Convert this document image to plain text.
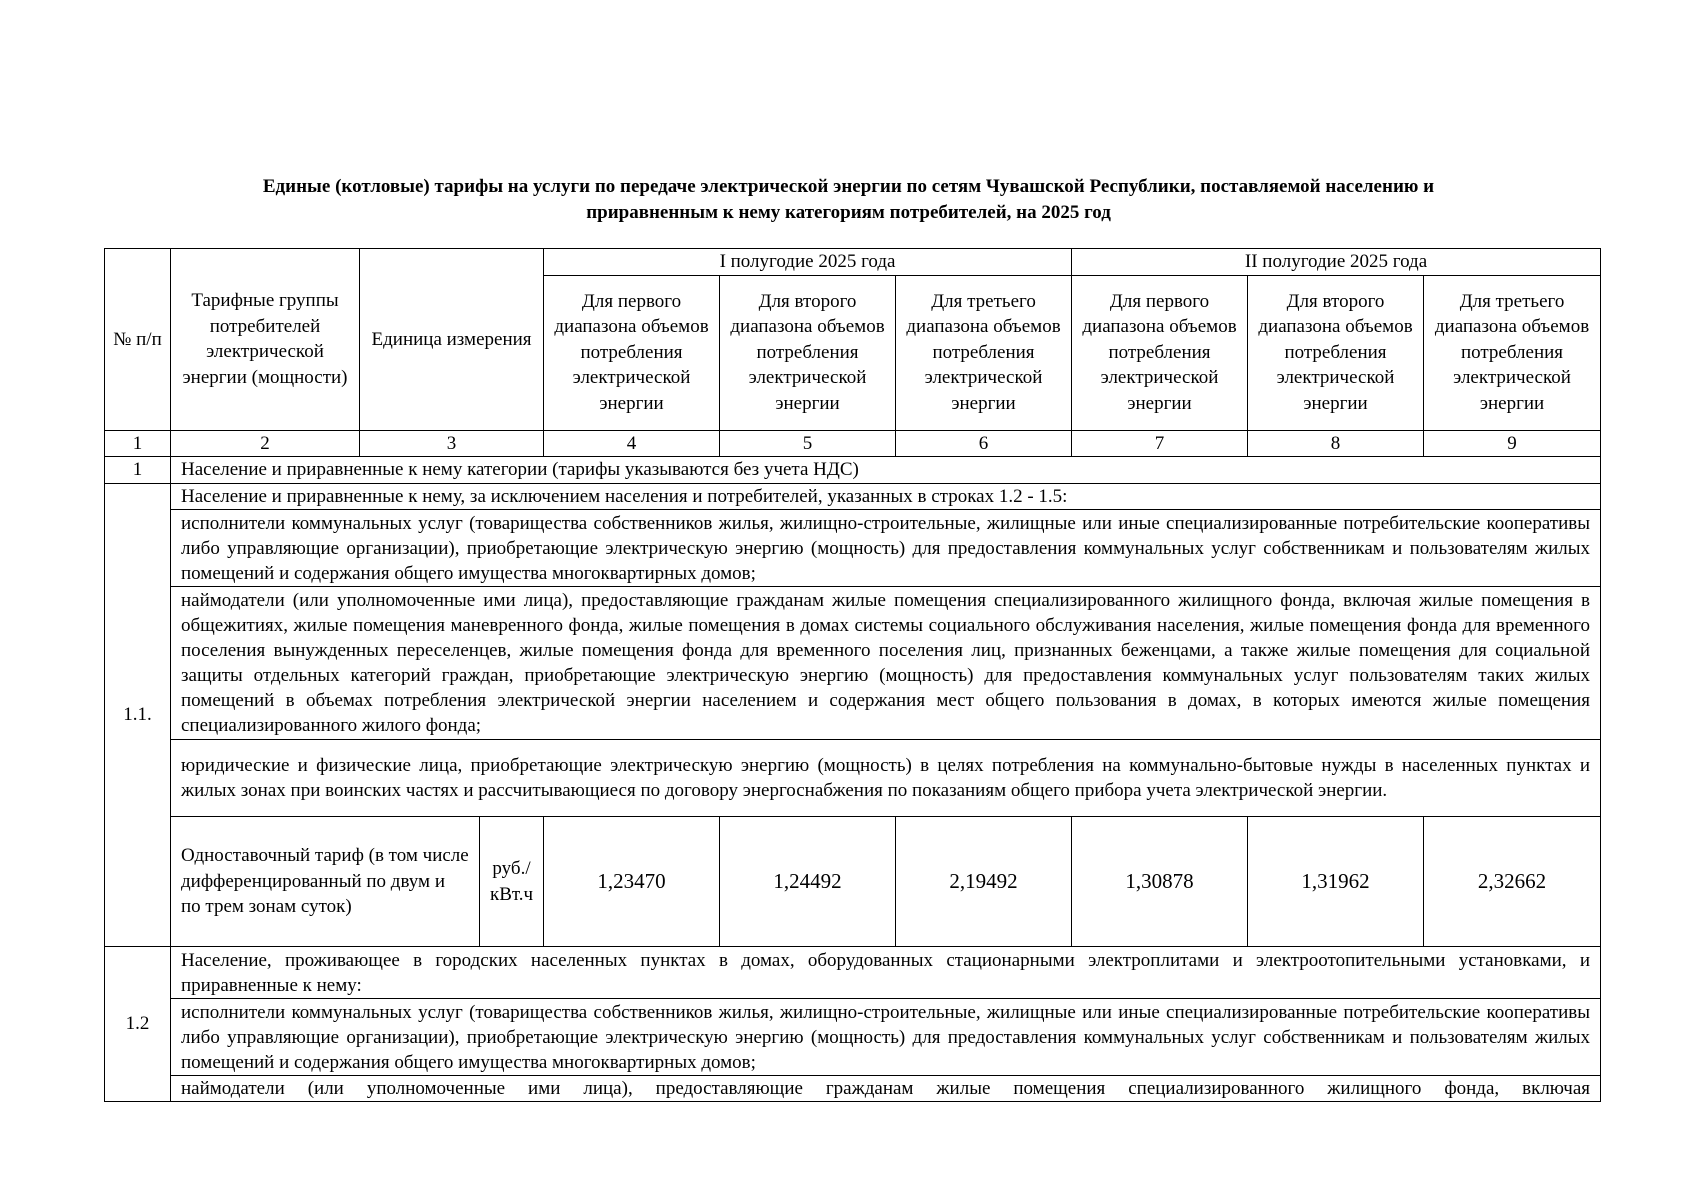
Единые (котловые) тарифы на услуги по передаче электрической энергии по сетям Чувашской Республики, поставляемой населению и
приравненным к нему категориям потребителей, на 2025 год
№ п/п	Тарифные группы потребителей электрической энергии (мощности)	Единица измерения		I полугодие 2025 года			II полугодие 2025 года		
				Для первого диапазона объемов потребления электрической энергии	Для второго диапазона объемов потребления электрической энергии	Для третьего диапазона объемов потребления электрической энергии	Для первого диапазона объемов потребления электрической энергии	Для второго диапазона объемов потребления электрической энергии	Для третьего диапазона объемов потребления электрической энергии
1	2	3		4	5	6	7	8	9
1	Население и приравненные к нему категории (тарифы указываются без учета НДС)								
1.1.	Население и приравненные к нему, за исключением населения и потребителей, указанных в строках 1.2 - 1.5:								
	исполнители коммунальных услуг (товарищества собственников жилья, жилищно-строительные, жилищные или иные специализированные потребительские кооперативы либо управляющие организации), приобретающие электрическую энергию (мощность) для предоставления коммунальных услуг собственникам и пользователям жилых помещений и содержания общего имущества многоквартирных домов;								
	наймодатели (или уполномоченные ими лица), предоставляющие гражданам жилые помещения специализированного жилищного фонда, включая жилые помещения в общежитиях, жилые помещения маневренного фонда, жилые помещения в домах системы социального обслуживания населения, жилые помещения фонда для временного поселения вынужденных переселенцев, жилые помещения фонда для временного поселения лиц, признанных беженцами, а также жилые помещения для социальной защиты отдельных категорий граждан, приобретающие электрическую энергию (мощность) для предоставления коммунальных услуг пользователям таких жилых помещений в объемах потребления электрической энергии населением и содержания мест общего пользования в домах, в которых имеются жилые помещения специализированного жилого фонда;								
	юридические и физические лица, приобретающие электрическую энергию (мощность) в целях потребления на коммунально-бытовые нужды в населенных пунктах и жилых зонах при воинских частях и рассчитывающиеся по договору энергоснабжения по показаниям общего прибора учета электрической энергии.								
	Одноставочный тариф (в том числе дифференцированный по двум и по трем зонам суток)		руб./кВт.ч	1,23470	1,24492	2,19492	1,30878	1,31962	2,32662

1.2	Население, проживающее в городских населенных пунктах в домах, оборудованных стационарными электроплитами и электроотопительными установками, и приравненные к нему:								
	исполнители коммунальных услуг (товарищества собственников жилья, жилищно-строительные, жилищные или иные специализированные потребительские кооперативы либо управляющие организации), приобретающие электрическую энергию (мощность) для предоставления коммунальных услуг собственникам и пользователям жилых помещений и содержания общего имущества многоквартирных домов;								
	наймодатели (или уполномоченные ими лица), предоставляющие гражданам жилые помещения специализированного жилищного фонда, включая								
